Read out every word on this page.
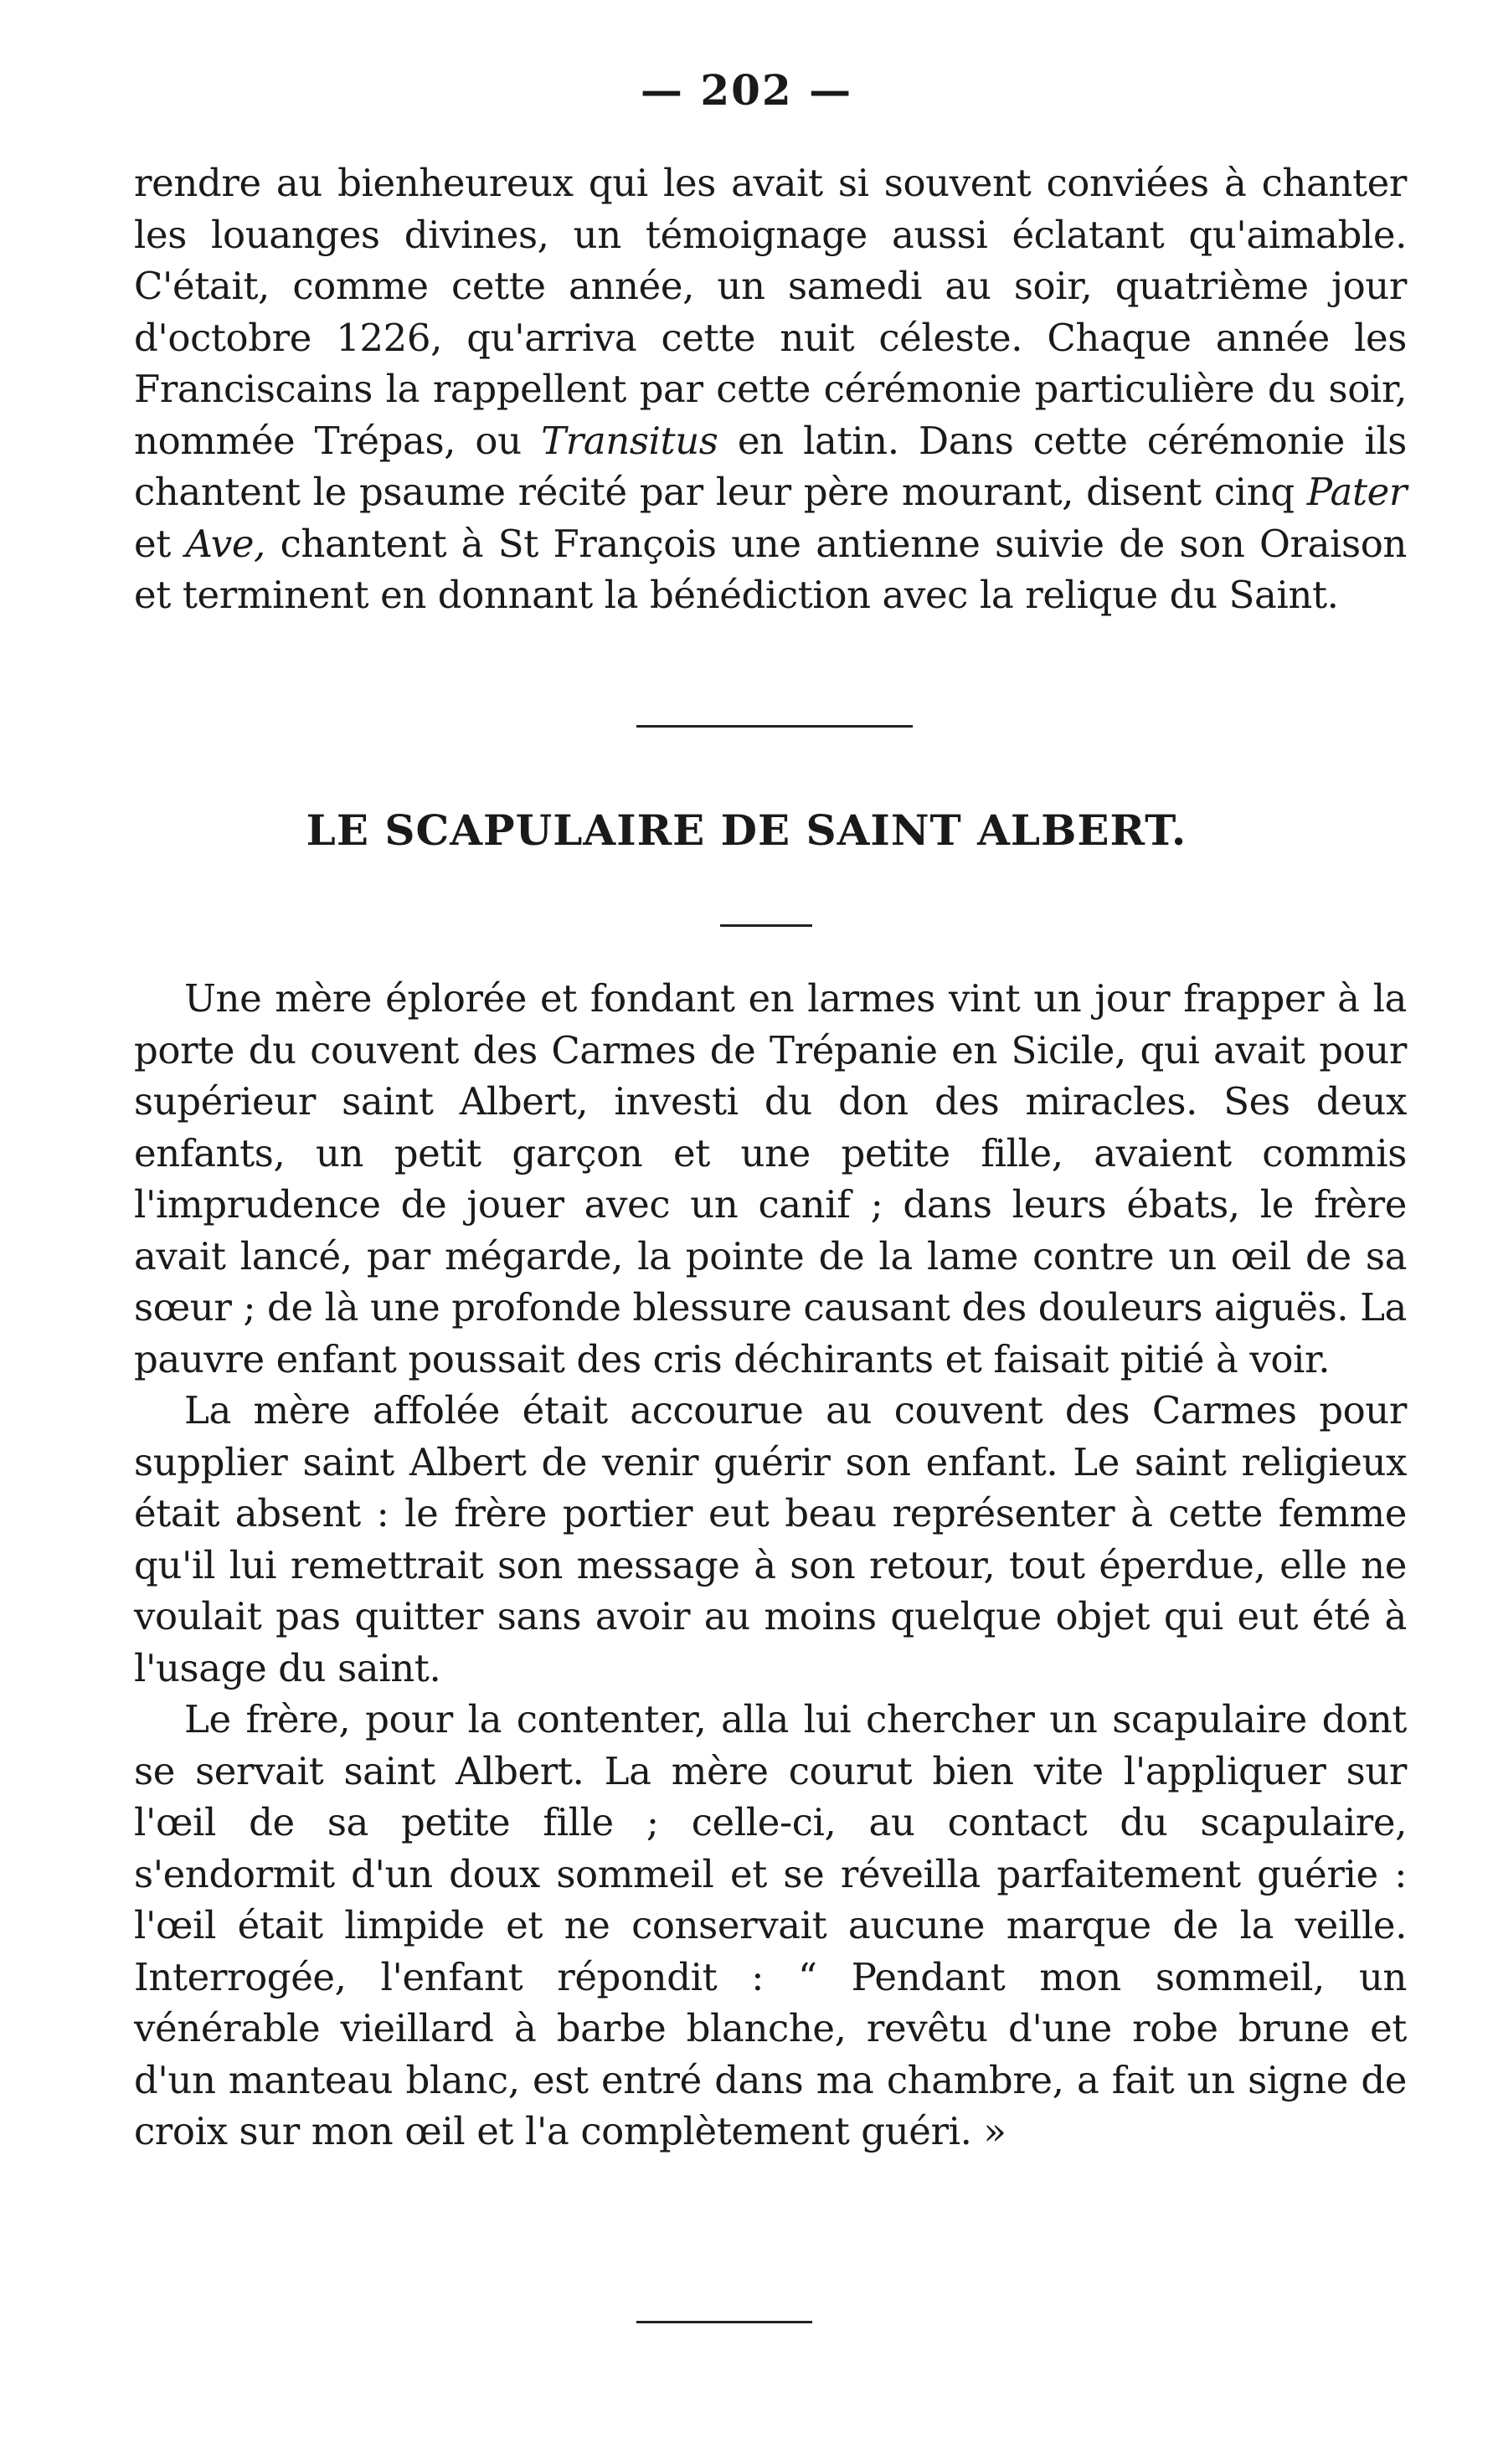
— 202 —

rendre au bienheureux qui les avait si souvent conviées à chanter les louanges divines, un témoignage aussi éclatant qu'aimable. C'était, comme cette année, un samedi au soir, quatrième jour d'octobre 1226, qu'arriva cette nuit céleste. Chaque année les Franciscains la rappellent par cette cérémonie particulière du soir, nommée Trépas, ou Transitus en latin. Dans cette cérémonie ils chantent le psaume récité par leur père mourant, disent cinq Pater et Ave, chantent à St François une antienne suivie de son Oraison et terminent en donnant la bénédiction avec la relique du Saint.

LE SCAPULAIRE DE SAINT ALBERT.

Une mère éplorée et fondant en larmes vint un jour frapper à la porte du couvent des Carmes de Trépanie en Sicile, qui avait pour supérieur saint Albert, investi du don des miracles. Ses deux enfants, un petit garçon et une petite fille, avaient commis l'imprudence de jouer avec un canif ; dans leurs ébats, le frère avait lancé, par mégarde, la pointe de la lame contre un œil de sa sœur ; de là une profonde blessure causant des douleurs aiguës. La pauvre enfant poussait des cris déchirants et faisait pitié à voir.

La mère affolée était accourue au couvent des Carmes pour supplier saint Albert de venir guérir son enfant. Le saint religieux était absent : le frère portier eut beau représenter à cette femme qu'il lui remettrait son message à son retour, tout éperdue, elle ne voulait pas quitter sans avoir au moins quelque objet qui eut été à l'usage du saint.

Le frère, pour la contenter, alla lui chercher un scapulaire dont se servait saint Albert. La mère courut bien vite l'appliquer sur l'œil de sa petite fille ; celle-ci, au contact du scapulaire, s'endormit d'un doux sommeil et se réveilla parfaitement guérie : l'œil était limpide et ne conservait aucune marque de la veille. Interrogée, l'enfant répondit : “ Pendant mon sommeil, un vénérable vieillard à barbe blanche, revêtu d'une robe brune et d'un manteau blanc, est entré dans ma chambre, a fait un signe de croix sur mon œil et l'a complètement guéri. »
